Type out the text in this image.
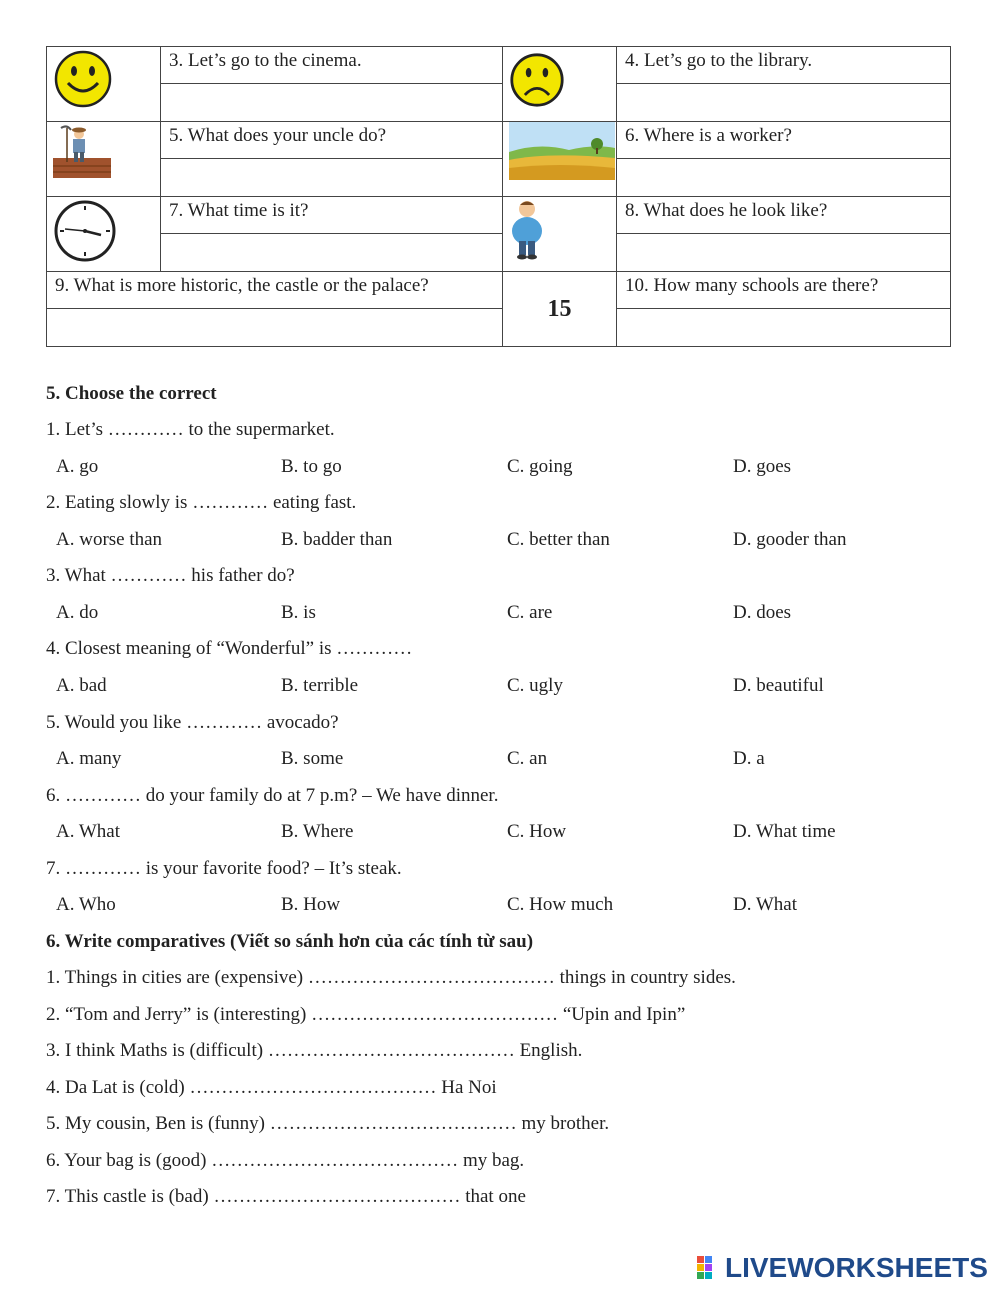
3. Let’s go to the cinema.		4. Let’s go to the library.

5. What does your uncle do?		6. Where is a worker?

7. What time is it?		8. What does he look like?

9. What is more historic, the castle or the palace?		15	10. How many schools are there?
5. Choose the correct
1. Let’s ………… to the supermarket.
A. go	B. to go	C. going	D. goes
2. Eating slowly is ………… eating fast.
A. worse than	B. badder than	C. better than	D. gooder than
3. What ………… his father do?
A. do	B. is	C. are	D. does
4. Closest meaning of “Wonderful” is …………
A. bad	B. terrible	C. ugly	D. beautiful
5. Would you like ………… avocado?
A. many	B. some	C. an	D. a
6. ………… do your family do at 7 p.m? – We have dinner.
A. What	B. Where	C. How	D. What time
7. ………… is your favorite food? – It’s steak.
A. Who	B. How	C. How much	D. What
6. Write comparatives (Viết so sánh hơn của các tính từ sau)
1. Things in cities are (expensive) ………………………………… things in country sides.
2. “Tom and Jerry” is (interesting) ………………………………… “Upin and Ipin”
3. I think Maths is (difficult) ………………………………… English.
4. Da Lat is (cold) ………………………………… Ha Noi
5. My cousin, Ben is (funny) ………………………………… my brother.
6. Your bag is (good) ………………………………… my bag.
7. This castle is (bad) ………………………………… that one
LIVEWORKSHEETS
